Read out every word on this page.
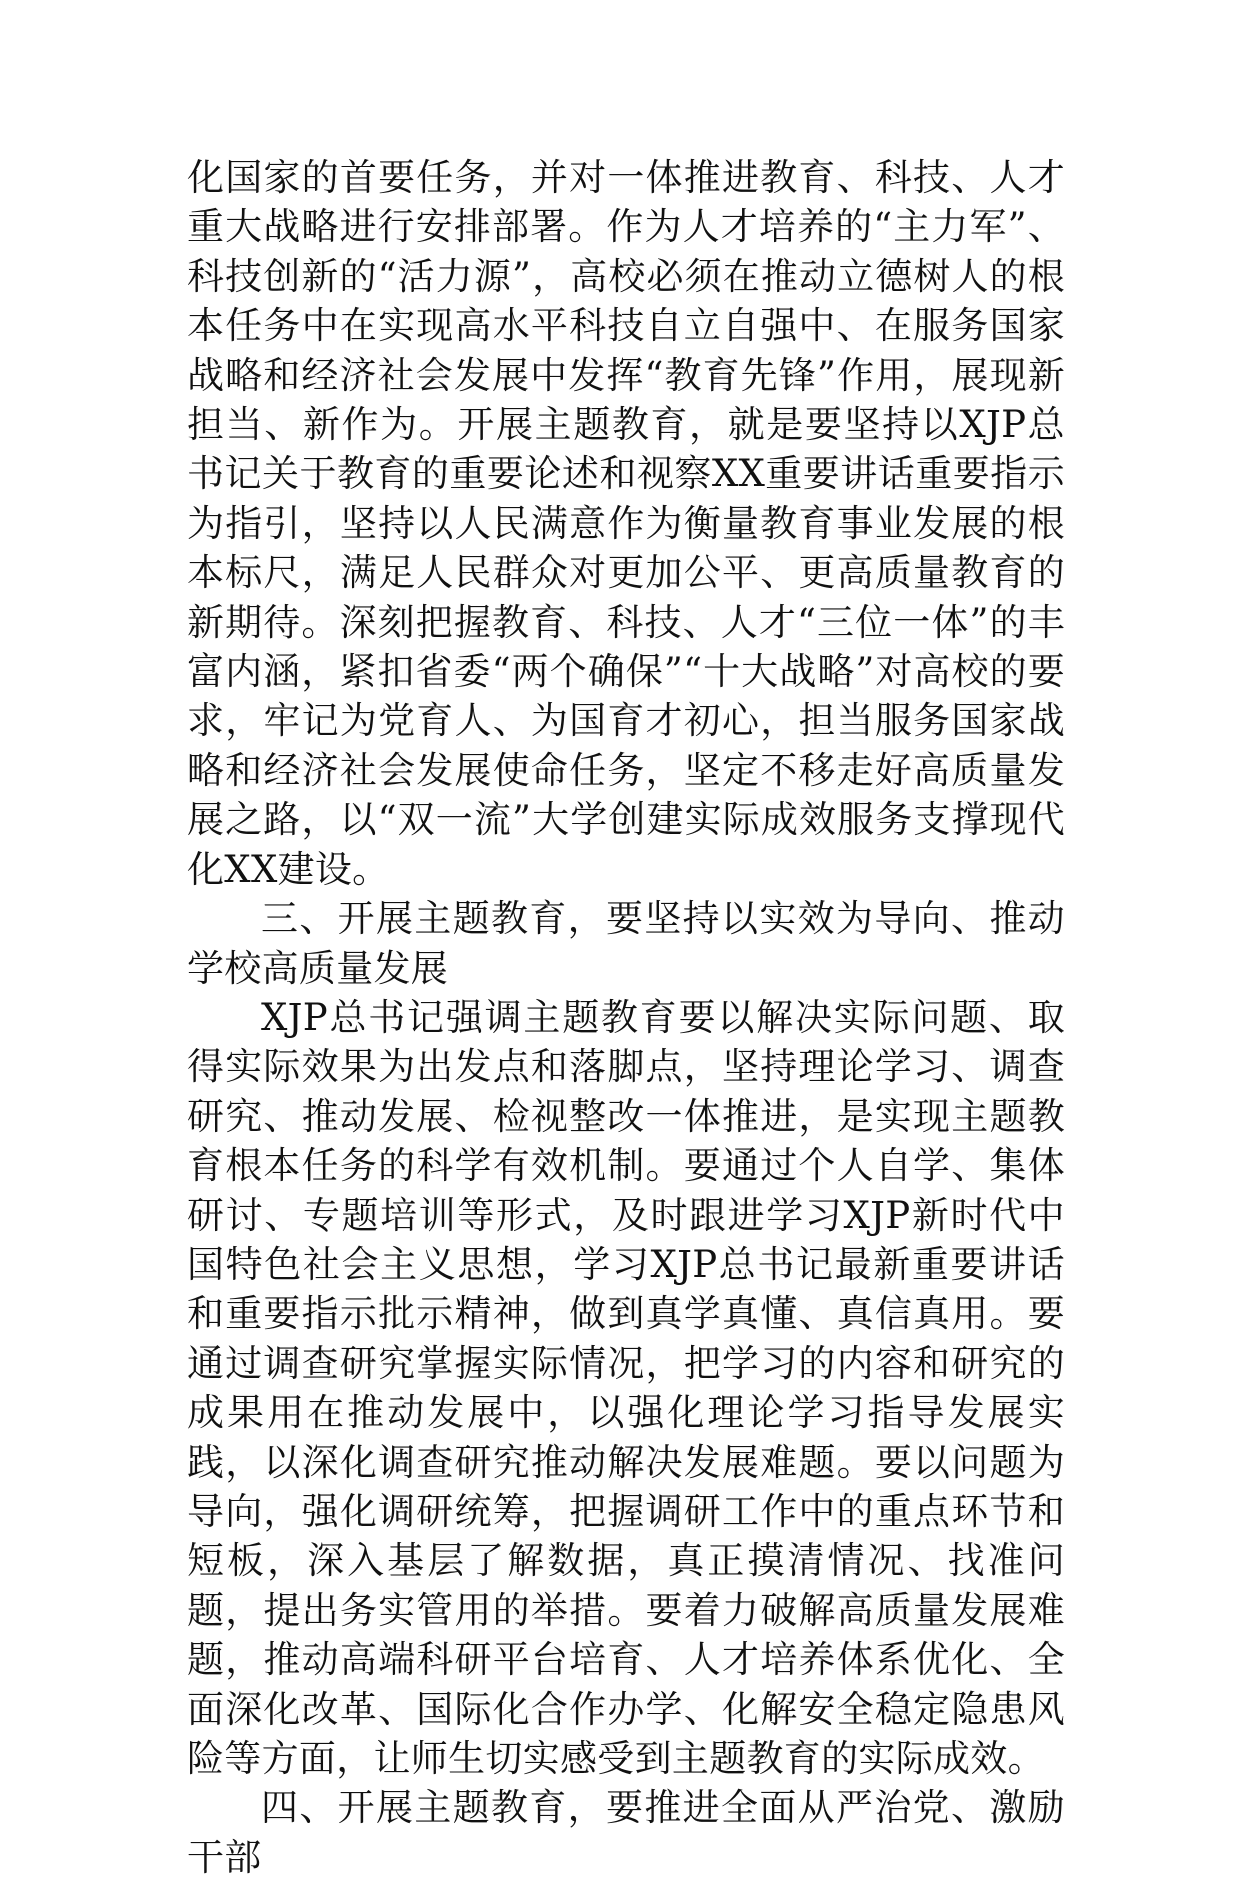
化国家的首要任务，并对一体推进教育、科技、人才重大战略进行安排部署。作为人才培养的“主力军”、科技创新的“活力源”，高校必须在推动立德树人的根本任务中在实现高水平科技自立自强中、在服务国家战略和经济社会发展中发挥“教育先锋”作用，展现新担当、新作为。开展主题教育，就是要坚持以XJP总书记关于教育的重要论述和视察XX重要讲话重要指示为指引，坚持以人民满意作为衡量教育事业发展的根本标尺，满足人民群众对更加公平、更高质量教育的新期待。深刻把握教育、科技、人才“三位一体”的丰富内涵，紧扣省委“两个确保”“十大战略”对高校的要求，牢记为党育人、为国育才初心，担当服务国家战略和经济社会发展使命任务，坚定不移走好高质量发展之路，以“双一流”大学创建实际成效服务支撑现代化XX建设。

三、开展主题教育，要坚持以实效为导向、推动学校高质量发展

XJP总书记强调主题教育要以解决实际问题、取得实际效果为出发点和落脚点，坚持理论学习、调查研究、推动发展、检视整改一体推进，是实现主题教育根本任务的科学有效机制。要通过个人自学、集体研讨、专题培训等形式，及时跟进学习XJP新时代中国特色社会主义思想，学习XJP总书记最新重要讲话和重要指示批示精神，做到真学真懂、真信真用。要通过调查研究掌握实际情况，把学习的内容和研究的成果用在推动发展中，以强化理论学习指导发展实践，以深化调查研究推动解决发展难题。要以问题为导向，强化调研统筹，把握调研工作中的重点环节和短板，深入基层了解数据，真正摸清情况、找准问题，提出务实管用的举措。要着力破解高质量发展难题，推动高端科研平台培育、人才培养体系优化、全面深化改革、国际化合作办学、化解安全稳定隐患风险等方面，让师生切实感受到主题教育的实际成效。

四、开展主题教育，要推进全面从严治党、激励干部
